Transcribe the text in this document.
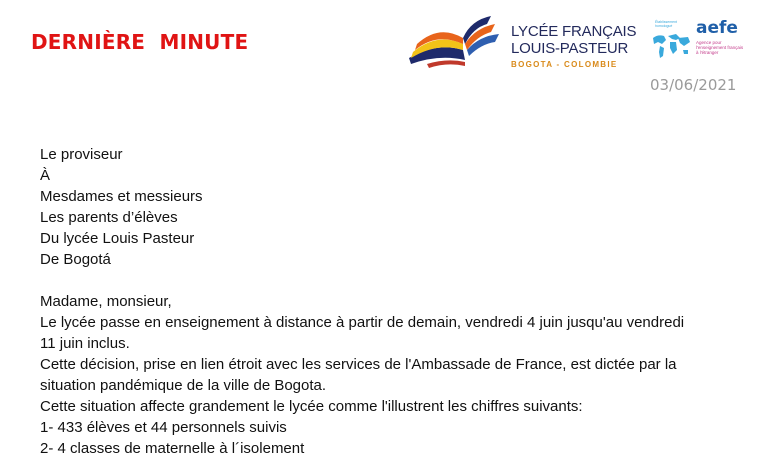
DERNIÈRE  MINUTE	LYCÉE FRANÇAIS
LOUIS-PASTEUR
BOGOTA - COLOMBIE
Établissement homologué	aefe
Agence pour l'enseignement français à l'étranger
03/06/2021
Le proviseur
À
Mesdames et messieurs
Les parents d’élèves
Du lycée Louis Pasteur
De Bogotá
Madame, monsieur,
Le lycée passe en enseignement à distance à partir de demain, vendredi 4 juin jusqu'au vendredi 11 juin inclus.
Cette décision, prise en lien étroit avec les services de l'Ambassade de France, est dictée par la situation pandémique de la ville de Bogota.
Cette situation affecte grandement le lycée comme l'illustrent les chiffres suivants:
1- 433 élèves et 44 personnels suivis
2- 4 classes de maternelle à l´isolement
